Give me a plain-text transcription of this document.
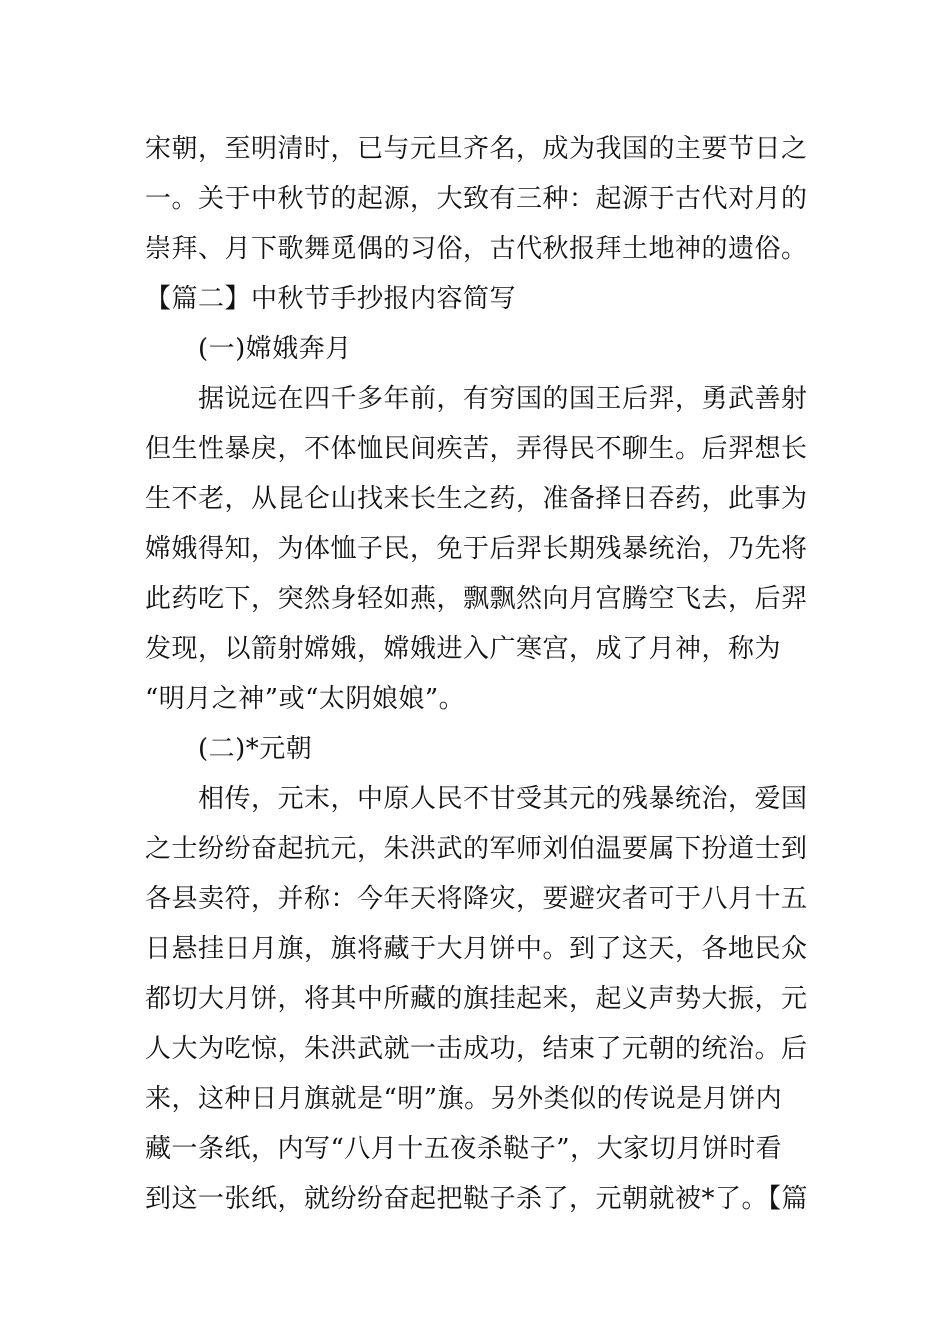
宋朝，至明清时，已与元旦齐名，成为我国的主要节日之
一。关于中秋节的起源，大致有三种：起源于古代对月的
崇拜、月下歌舞觅偶的习俗，古代秋报拜土地神的遗俗。
【篇二】中秋节手抄报内容简写
(一)嫦娥奔月
据说远在四千多年前，有穷国的国王后羿，勇武善射
但生性暴戾，不体恤民间疾苦，弄得民不聊生。后羿想长
生不老，从昆仑山找来长生之药，准备择日吞药，此事为
嫦娥得知，为体恤子民，免于后羿长期残暴统治，乃先将
此药吃下，突然身轻如燕，飘飘然向月宫腾空飞去，后羿
发现，以箭射嫦娥，嫦娥进入广寒宫，成了月神，称为
“明月之神”或“太阴娘娘”。
(二)*元朝
相传，元末，中原人民不甘受其元的残暴统治，爱国
之士纷纷奋起抗元，朱洪武的军师刘伯温要属下扮道士到
各县卖符，并称：今年天将降灾，要避灾者可于八月十五
日悬挂日月旗，旗将藏于大月饼中。到了这天，各地民众
都切大月饼，将其中所藏的旗挂起来，起义声势大振，元
人大为吃惊，朱洪武就一击成功，结束了元朝的统治。后
来，这种日月旗就是“明”旗。另外类似的传说是月饼内
藏一条纸，内写“八月十五夜杀鞑子”，大家切月饼时看
到这一张纸，就纷纷奋起把鞑子杀了，元朝就被*了。【篇
